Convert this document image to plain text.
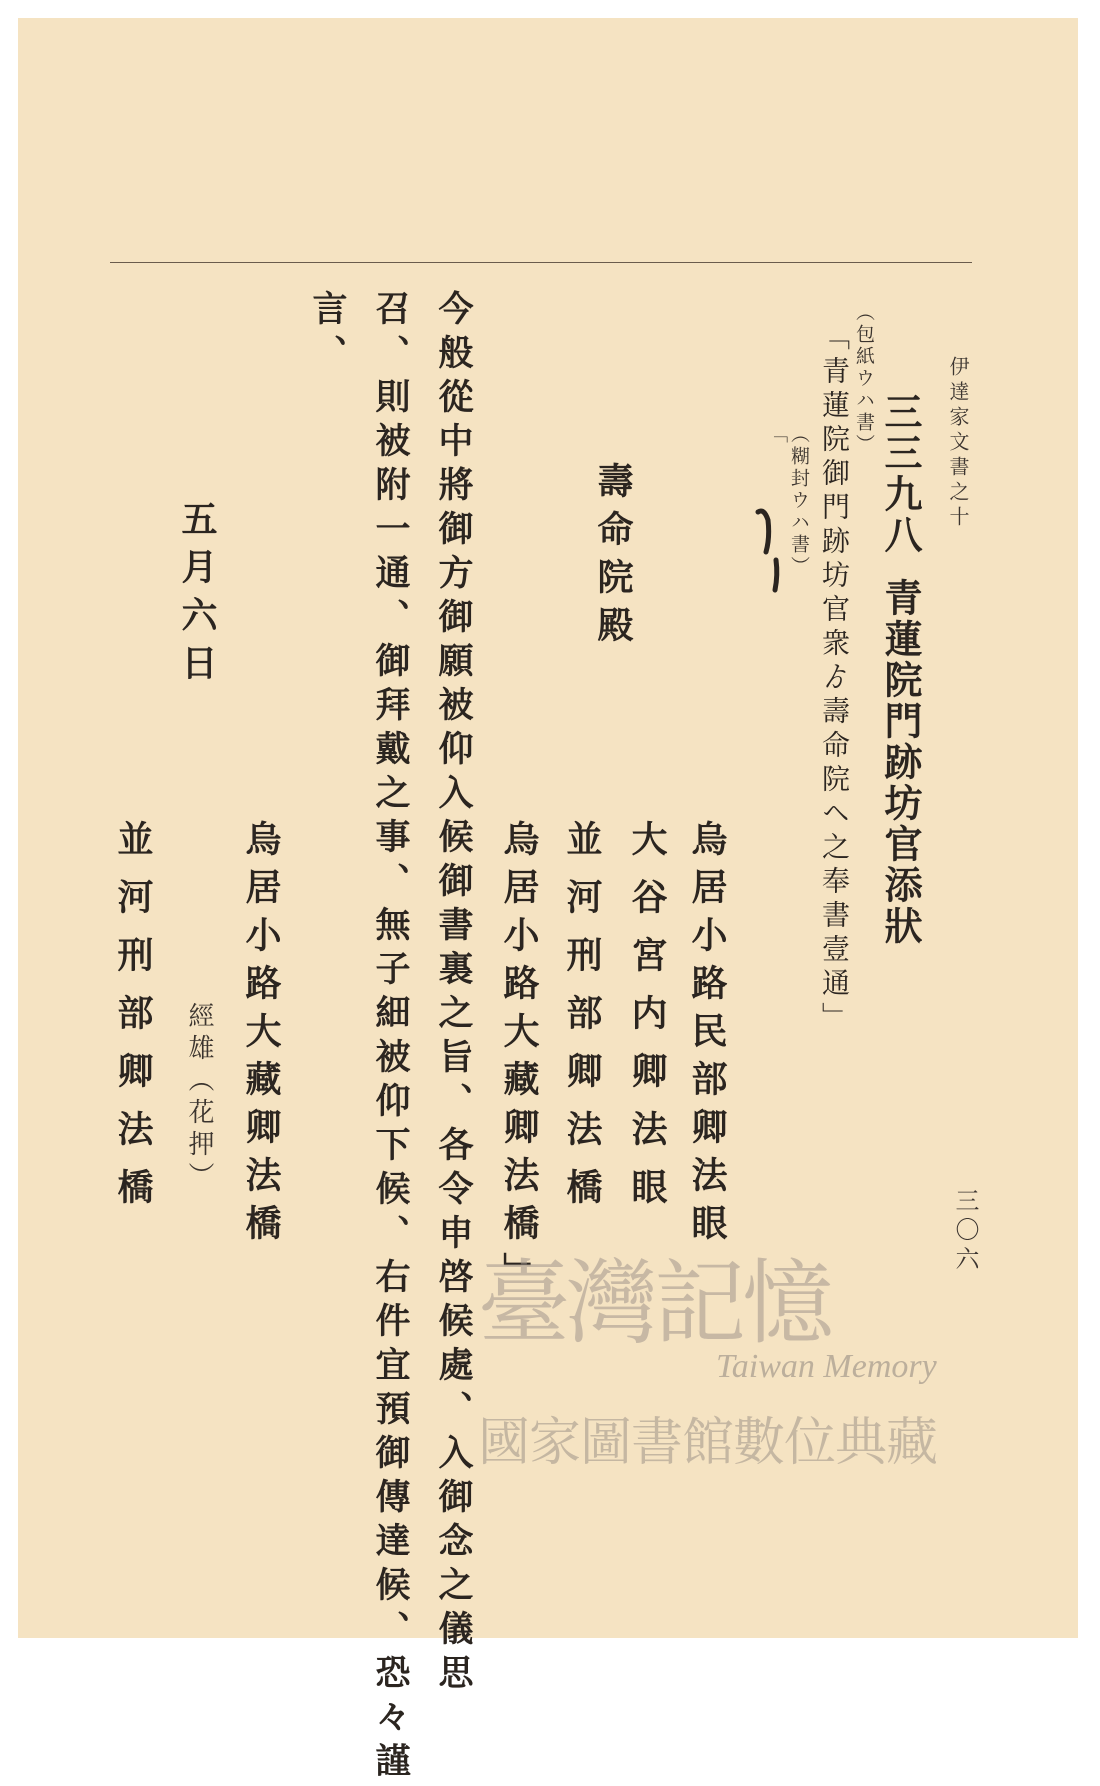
伊達家文書之十
三三九八
青蓮院門跡坊官添狀
（包紙ウハ書）
「青蓮院御門跡坊官衆ゟ壽命院ヘ之奉書壹通」
（糊封ウハ書）
「
烏居小路民部卿法眼
大谷宮内卿法眼
並河刑部卿法橋
烏居小路大藏卿法橋」
壽命院殿
今般從中將御方御願被仰入候御書裏之旨、各令申啓候處、入御念之儀思
召、則被附一通、御拜戴之事、無子細被仰下候、右件宜預御傳達候、恐々謹
言、
五月六日
烏居小路大藏卿法橋
經雄（花押）
並河刑部卿法橋
三〇六
臺灣記憶
Taiwan Memory
國家圖書館數位典藏
